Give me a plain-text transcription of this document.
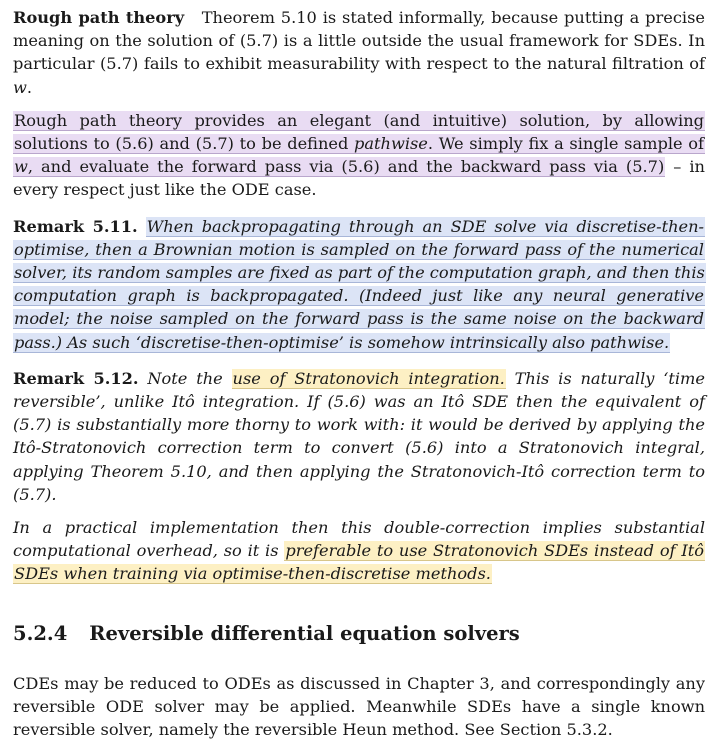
Rough path theory Theorem 5.10 is stated informally, because putting a precise meaning on the solution of (5.7) is a little outside the usual framework for SDEs. In particular (5.7) fails to exhibit measurability with respect to the natural filtration of w.

Rough path theory provides an elegant (and intuitive) solution, by allowing solutions to (5.6) and (5.7) to be defined pathwise. We simply fix a single sample of w, and evaluate the forward pass via (5.6) and the backward pass via (5.7) – in every respect just like the ODE case.

Remark 5.11. When backpropagating through an SDE solve via discretise-then-optimise, then a Brownian motion is sampled on the forward pass of the numerical solver, its random samples are fixed as part of the computation graph, and then this computation graph is backpropagated. (Indeed just like any neural generative model; the noise sampled on the forward pass is the same noise on the backward pass.) As such ‘discretise-then-optimise’ is somehow intrinsically also pathwise.

Remark 5.12. Note the use of Stratonovich integration. This is naturally ‘time reversible’, unlike Itô integration. If (5.6) was an Itô SDE then the equivalent of (5.7) is substantially more thorny to work with: it would be derived by applying the Itô-Stratonovich correction term to convert (5.6) into a Stratonovich integral, applying Theorem 5.10, and then applying the Stratonovich-Itô correction term to (5.7).

In a practical implementation then this double-correction implies substantial computational overhead, so it is preferable to use Stratonovich SDEs instead of Itô SDEs when training via optimise-then-discretise methods.

5.2.4 Reversible differential equation solvers

CDEs may be reduced to ODEs as discussed in Chapter 3, and correspondingly any reversible ODE solver may be applied. Meanwhile SDEs have a single known reversible solver, namely the reversible Heun method. See Section 5.3.2.
